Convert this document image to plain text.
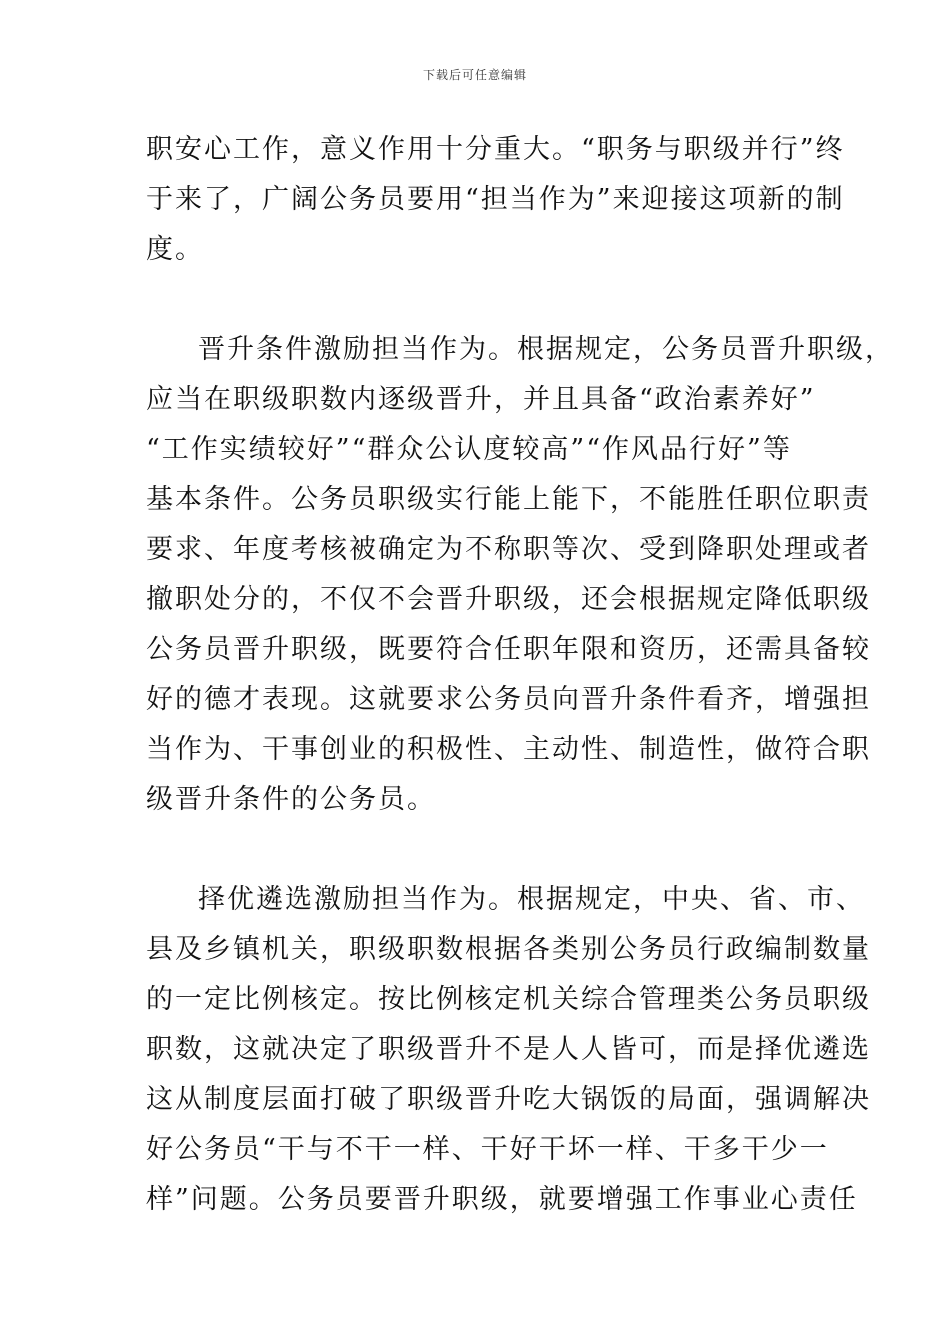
下载后可任意编辑
职安心工作，意义作用十分重大。“职务与职级并行”终
于来了，广阔公务员要用“担当作为”来迎接这项新的制
度。
晋升条件激励担当作为。根据规定，公务员晋升职级，
应当在职级职数内逐级晋升，并且具备“政治素养好”
“工作实绩较好”“群众公认度较高”“作风品行好”等
基本条件。公务员职级实行能上能下，不能胜任职位职责
要求、年度考核被确定为不称职等次、受到降职处理或者
撤职处分的，不仅不会晋升职级，还会根据规定降低职级
公务员晋升职级，既要符合任职年限和资历，还需具备较
好的德才表现。这就要求公务员向晋升条件看齐，增强担
当作为、干事创业的积极性、主动性、制造性，做符合职
级晋升条件的公务员。
择优遴选激励担当作为。根据规定，中央、省、市、
县及乡镇机关，职级职数根据各类别公务员行政编制数量
的一定比例核定。按比例核定机关综合管理类公务员职级
职数，这就决定了职级晋升不是人人皆可，而是择优遴选
这从制度层面打破了职级晋升吃大锅饭的局面，强调解决
好公务员“干与不干一样、干好干坏一样、干多干少一
样”问题。公务员要晋升职级，就要增强工作事业心责任
